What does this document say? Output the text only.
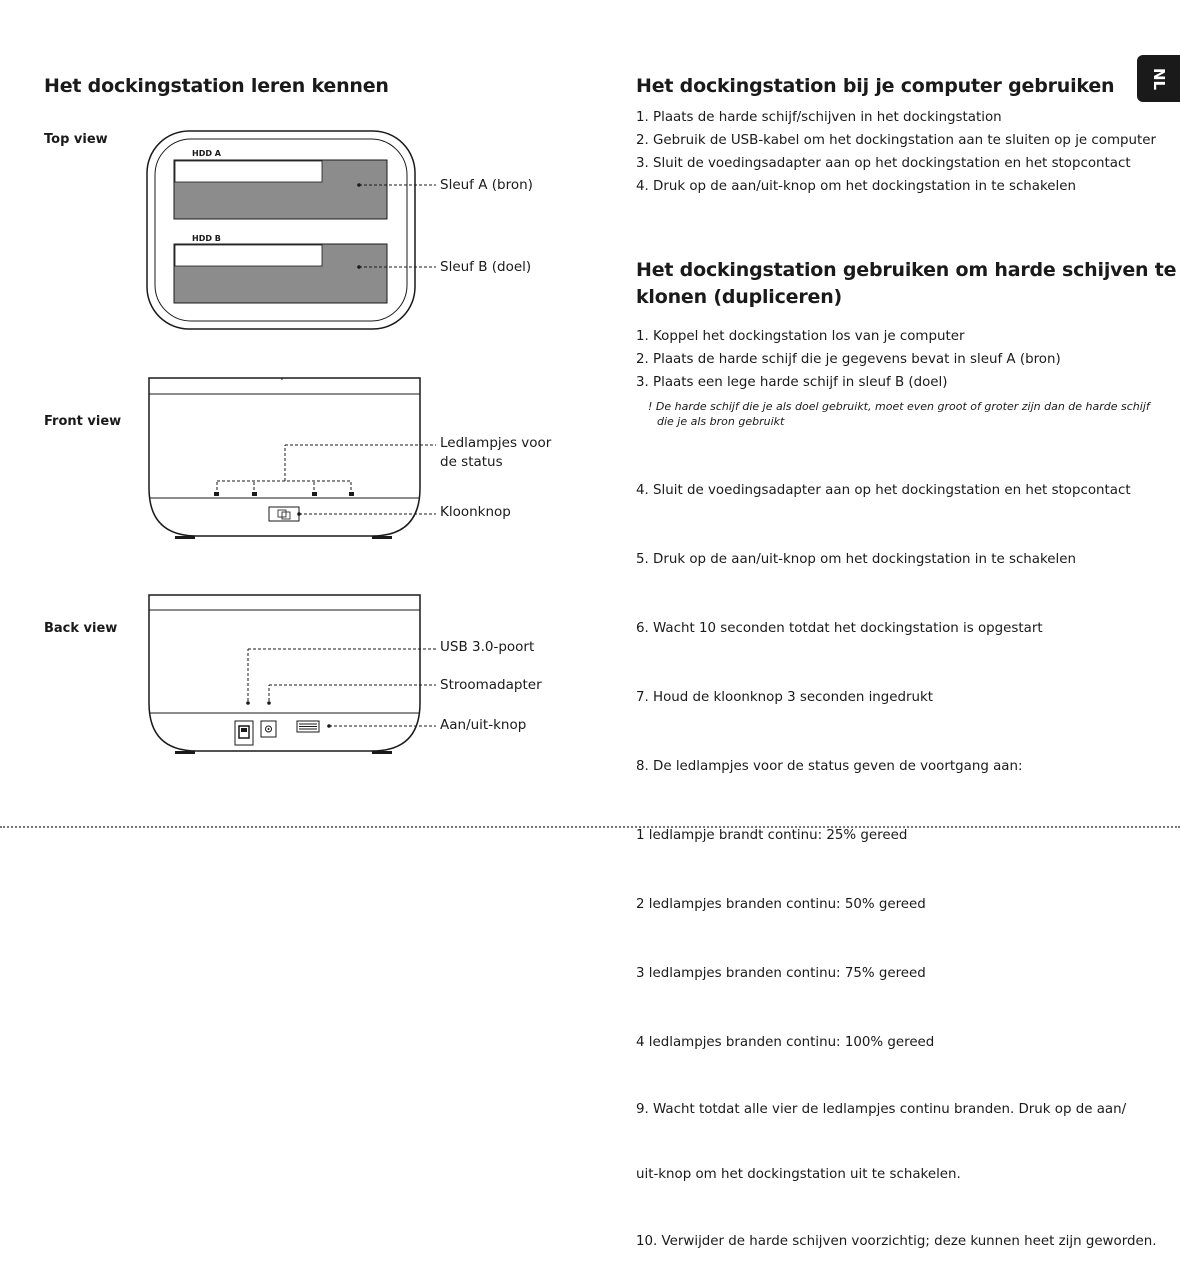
NL
Het dockingstation leren kennen
Top view
Front view
Back view
HDD A
HDD B
Sleuf A (bron)
Sleuf B (doel)
Ledlampjes voor de status
Kloonknop
USB 3.0-poort
Stroomadapter
Aan/uit-knop
Het dockingstation bij je computer gebruiken
1. Plaats de harde schijf/schijven in het dockingstation
2. Gebruik de USB-kabel om het dockingstation aan te sluiten op je computer
3. Sluit de voedingsadapter aan op het dockingstation en het stopcontact
4. Druk op de aan/uit-knop om het dockingstation in te schakelen
Het dockingstation gebruiken om harde schijven te
klonen (dupliceren)
1. Koppel het dockingstation los van je computer
2. Plaats de harde schijf die je gegevens bevat in sleuf A (bron)
3. Plaats een lege harde schijf in sleuf B (doel)
! De harde schijf die je als doel gebruikt, moet even groot of groter zijn dan de harde schijf
die je als bron gebruikt

4. Sluit de voedingsadapter aan op het dockingstation en het stopcontact

5. Druk op de aan/uit-knop om het dockingstation in te schakelen

6. Wacht 10 seconden totdat het dockingstation is opgestart

7. Houd de kloonknop 3 seconden ingedrukt

8. De ledlampjes voor de status geven de voortgang aan:

1 ledlampje brandt continu: 25% gereed

2 ledlampjes branden continu: 50% gereed

3 ledlampjes branden continu: 75% gereed

4 ledlampjes branden continu: 100% gereed

9. Wacht totdat alle vier de ledlampjes continu branden. Druk op de aan/

uit-knop om het dockingstation uit te schakelen.

10. Verwijder de harde schijven voorzichtig; deze kunnen heet zijn geworden.
